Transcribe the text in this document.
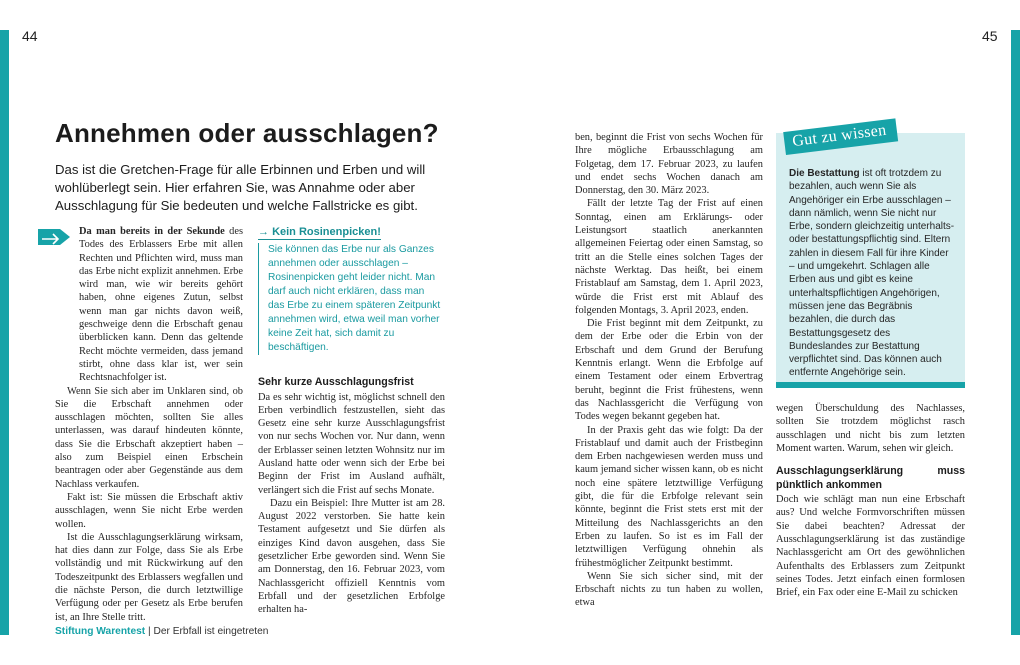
44	45
Annehmen oder ausschlagen?
Das ist die Gretchen-Frage für alle Erbinnen und Erben und will wohlüberlegt sein. Hier erfahren Sie, was Annahme oder aber Ausschlagung für Sie bedeuten und welche Fallstricke es gibt.

Da man bereits in der Sekunde des Todes des Erblassers Erbe mit allen Rechten und Pflichten wird, muss man das Erbe nicht explizit annehmen. Erbe wird man, wie wir bereits gehört haben, ohne eigenes Zutun, selbst wenn man gar nichts davon weiß, geschweige denn die Erbschaft genau überblicken kann. Denn das geltende Recht möchte vermeiden, dass jemand stirbt, ohne dass klar ist, wer sein Rechtsnachfolger ist.

Wenn Sie sich aber im Unklaren sind, ob Sie die Erbschaft annehmen oder ausschlagen möchten, sollten Sie alles unterlassen, was darauf hindeuten könnte, dass Sie die Erbschaft akzeptiert haben – also zum Beispiel einen Erbschein beantragen oder aber Gegenstände aus dem Nachlass verkaufen.

Fakt ist: Sie müssen die Erbschaft aktiv ausschlagen, wenn Sie nicht Erbe werden wollen.

Ist die Ausschlagungserklärung wirksam, hat dies dann zur Folge, dass Sie als Erbe vollständig und mit Rückwirkung auf den Todeszeitpunkt des Erblassers wegfallen und die nächste Person, die durch letztwillige Verfügung oder per Gesetz als Erbe berufen ist, an Ihre Stelle tritt.

→ Kein Rosinenpicken!
Sie können das Erbe nur als Ganzes annehmen oder ausschlagen – Rosinenpicken geht leider nicht. Man darf auch nicht erklären, dass man das Erbe zu einem späteren Zeitpunkt annehmen wird, etwa weil man vorher keine Zeit hat, sich damit zu beschäftigen.
Sehr kurze Ausschlagungsfrist

Da es sehr wichtig ist, möglichst schnell den Erben verbindlich festzustellen, sieht das Gesetz eine sehr kurze Ausschlagungsfrist von nur sechs Wochen vor. Nur dann, wenn der Erblasser seinen letzten Wohnsitz nur im Ausland hatte oder wenn sich der Erbe bei Beginn der Frist im Ausland aufhält, verlängert sich die Frist auf sechs Monate.

Dazu ein Beispiel: Ihre Mutter ist am 28. August 2022 verstorben. Sie hatte kein Testament aufgesetzt und Sie dürfen als einziges Kind davon ausgehen, dass Sie gesetzlicher Erbe geworden sind. Wenn Sie am Donnerstag, den 16. Februar 2023, vom Nachlassgericht offiziell Kenntnis vom Erbfall und der gesetzlichen Erbfolge erhalten ha-

ben, beginnt die Frist von sechs Wochen für Ihre mögliche Erbausschlagung am Folgetag, dem 17. Februar 2023, zu laufen und endet sechs Wochen danach am Donnerstag, den 30. März 2023.

Fällt der letzte Tag der Frist auf einen Sonntag, einen am Erklärungs- oder Leistungsort staatlich anerkannten allgemeinen Feiertag oder einen Samstag, so tritt an die Stelle eines solchen Tages der nächste Werktag. Das heißt, bei einem Fristablauf am Samstag, dem 1. April 2023, würde die Frist erst mit Ablauf des folgenden Montags, 3. April 2023, enden.

Die Frist beginnt mit dem Zeitpunkt, zu dem der Erbe oder die Erbin von der Erbschaft und dem Grund der Berufung Kenntnis erlangt. Wenn die Erbfolge auf einem Testament oder einem Erbvertrag beruht, beginnt die Frist frühestens, wenn das Nachlassgericht die Verfügung von Todes wegen bekannt gegeben hat.

In der Praxis geht das wie folgt: Da der Fristablauf und damit auch der Fristbeginn dem Erben nachgewiesen werden muss und kaum jemand sicher wissen kann, ob es nicht noch eine spätere letztwillige Verfügung gibt, die für die Erbfolge relevant sein könnte, beginnt die Frist stets erst mit der Mitteilung des Nachlassgerichts an den Erben zu laufen. So ist es im Fall der letztwilligen Verfügung ohnehin als frühestmöglicher Zeitpunkt bestimmt.

Wenn Sie sich sicher sind, mit der Erbschaft nichts zu tun haben zu wollen, etwa

Gut zu wissen
Die Bestattung ist oft trotzdem zu bezahlen, auch wenn Sie als Angehöriger ein Erbe ausschlagen – dann nämlich, wenn Sie nicht nur Erbe, sondern gleichzeitig unterhalts- oder bestattungspflichtig sind. Eltern zahlen in diesem Fall für ihre Kinder – und umgekehrt. Schlagen alle Erben aus und gibt es keine unterhaltspflichtigen Angehörigen, müssen jene das Begräbnis bezahlen, die durch das Bestattungsgesetz des Bundeslandes zur Bestattung verpflichtet sind. Das können auch entfernte Angehörige sein.

wegen Überschuldung des Nachlasses, sollten Sie trotzdem möglichst rasch ausschlagen und nicht bis zum letzten Moment warten. Warum, sehen wir gleich.

Ausschlagungserklärung muss pünktlich ankommen

Doch wie schlägt man nun eine Erbschaft aus? Und welche Formvorschriften müssen Sie dabei beachten? Adressat der Ausschlagungserklärung ist das zuständige Nachlassgericht am Ort des gewöhnlichen Aufenthalts des Erblassers zum Zeitpunkt seines Todes. Jetzt einfach einen formlosen Brief, ein Fax oder eine E-Mail zu schicken

Stiftung Warentest | Der Erbfall ist eingetreten
